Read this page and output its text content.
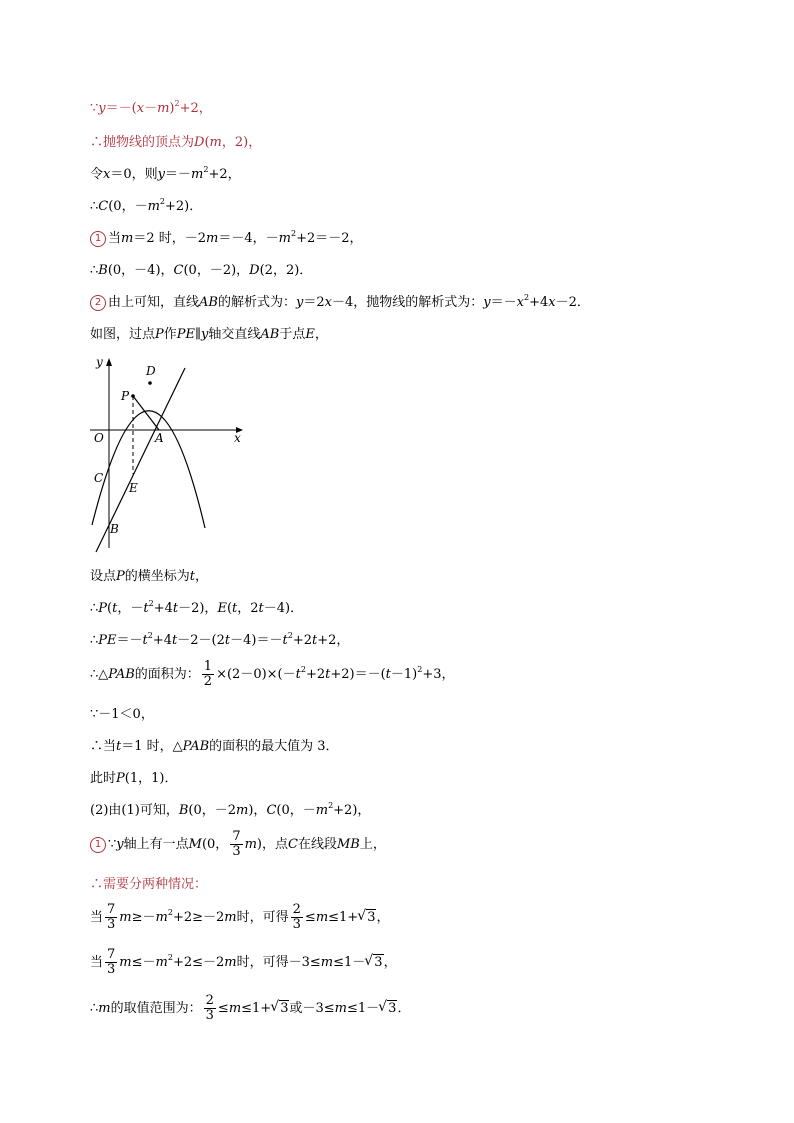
$\because y=-(x-m)^2+2$，
∴抛物线的顶点为D(m，2)，
令x＝0，则$y=-m^2+2$，
∴C(0，$-m^2+2$)．
1 当m＝2 时，－2m＝－4，$-m^2+2=-2$，
∴B(0，－4)，C(0，－2)，D(2，2)．
2 由上可知，直线AB的解析式为：y＝2x－4，抛物线的解析式为：$y=-x^2+4x-2$．
如图，过点P作PE∥y轴交直线AB于点E，
y
x
O
D
P
A
C
E
B
设点P的横坐标为t，
∴P(t，$-t^2+4t-2$)，E(t，2t－4)．
$\therefore PE=-t^2+4t-2-(2t-4)=-t^2+2t+2$，
∴△PAB的面积为： $\frac{1}{2} \times(2-0)\times(-t^2+2t+2)=-(t-1)^2+3$，
∵－1＜0，
∴当t＝1 时，△PAB的面积的最大值为 3．
此时P(1，1)．
(2)由(1)可知，B(0，－2m)，C(0，$-m^2+2$)，
1 ∵y轴上有一点M(0， $\frac{7}{3} m$)，点C在线段MB上，
∴需要分两种情况：
当 $\frac{7}{3} m\ge-m^2+2\ge-2m$时，可得 $\frac{2}{3} \le m\le 1+√$ 3，
当 $\frac{7}{3} m\le-m^2+2\le-2m$时，可得－3≤m≤1－√ 3，
∴m的取值范围为： $\frac{2}{3} \le m\le 1+√$ 3或－3≤m≤1－√ 3．
